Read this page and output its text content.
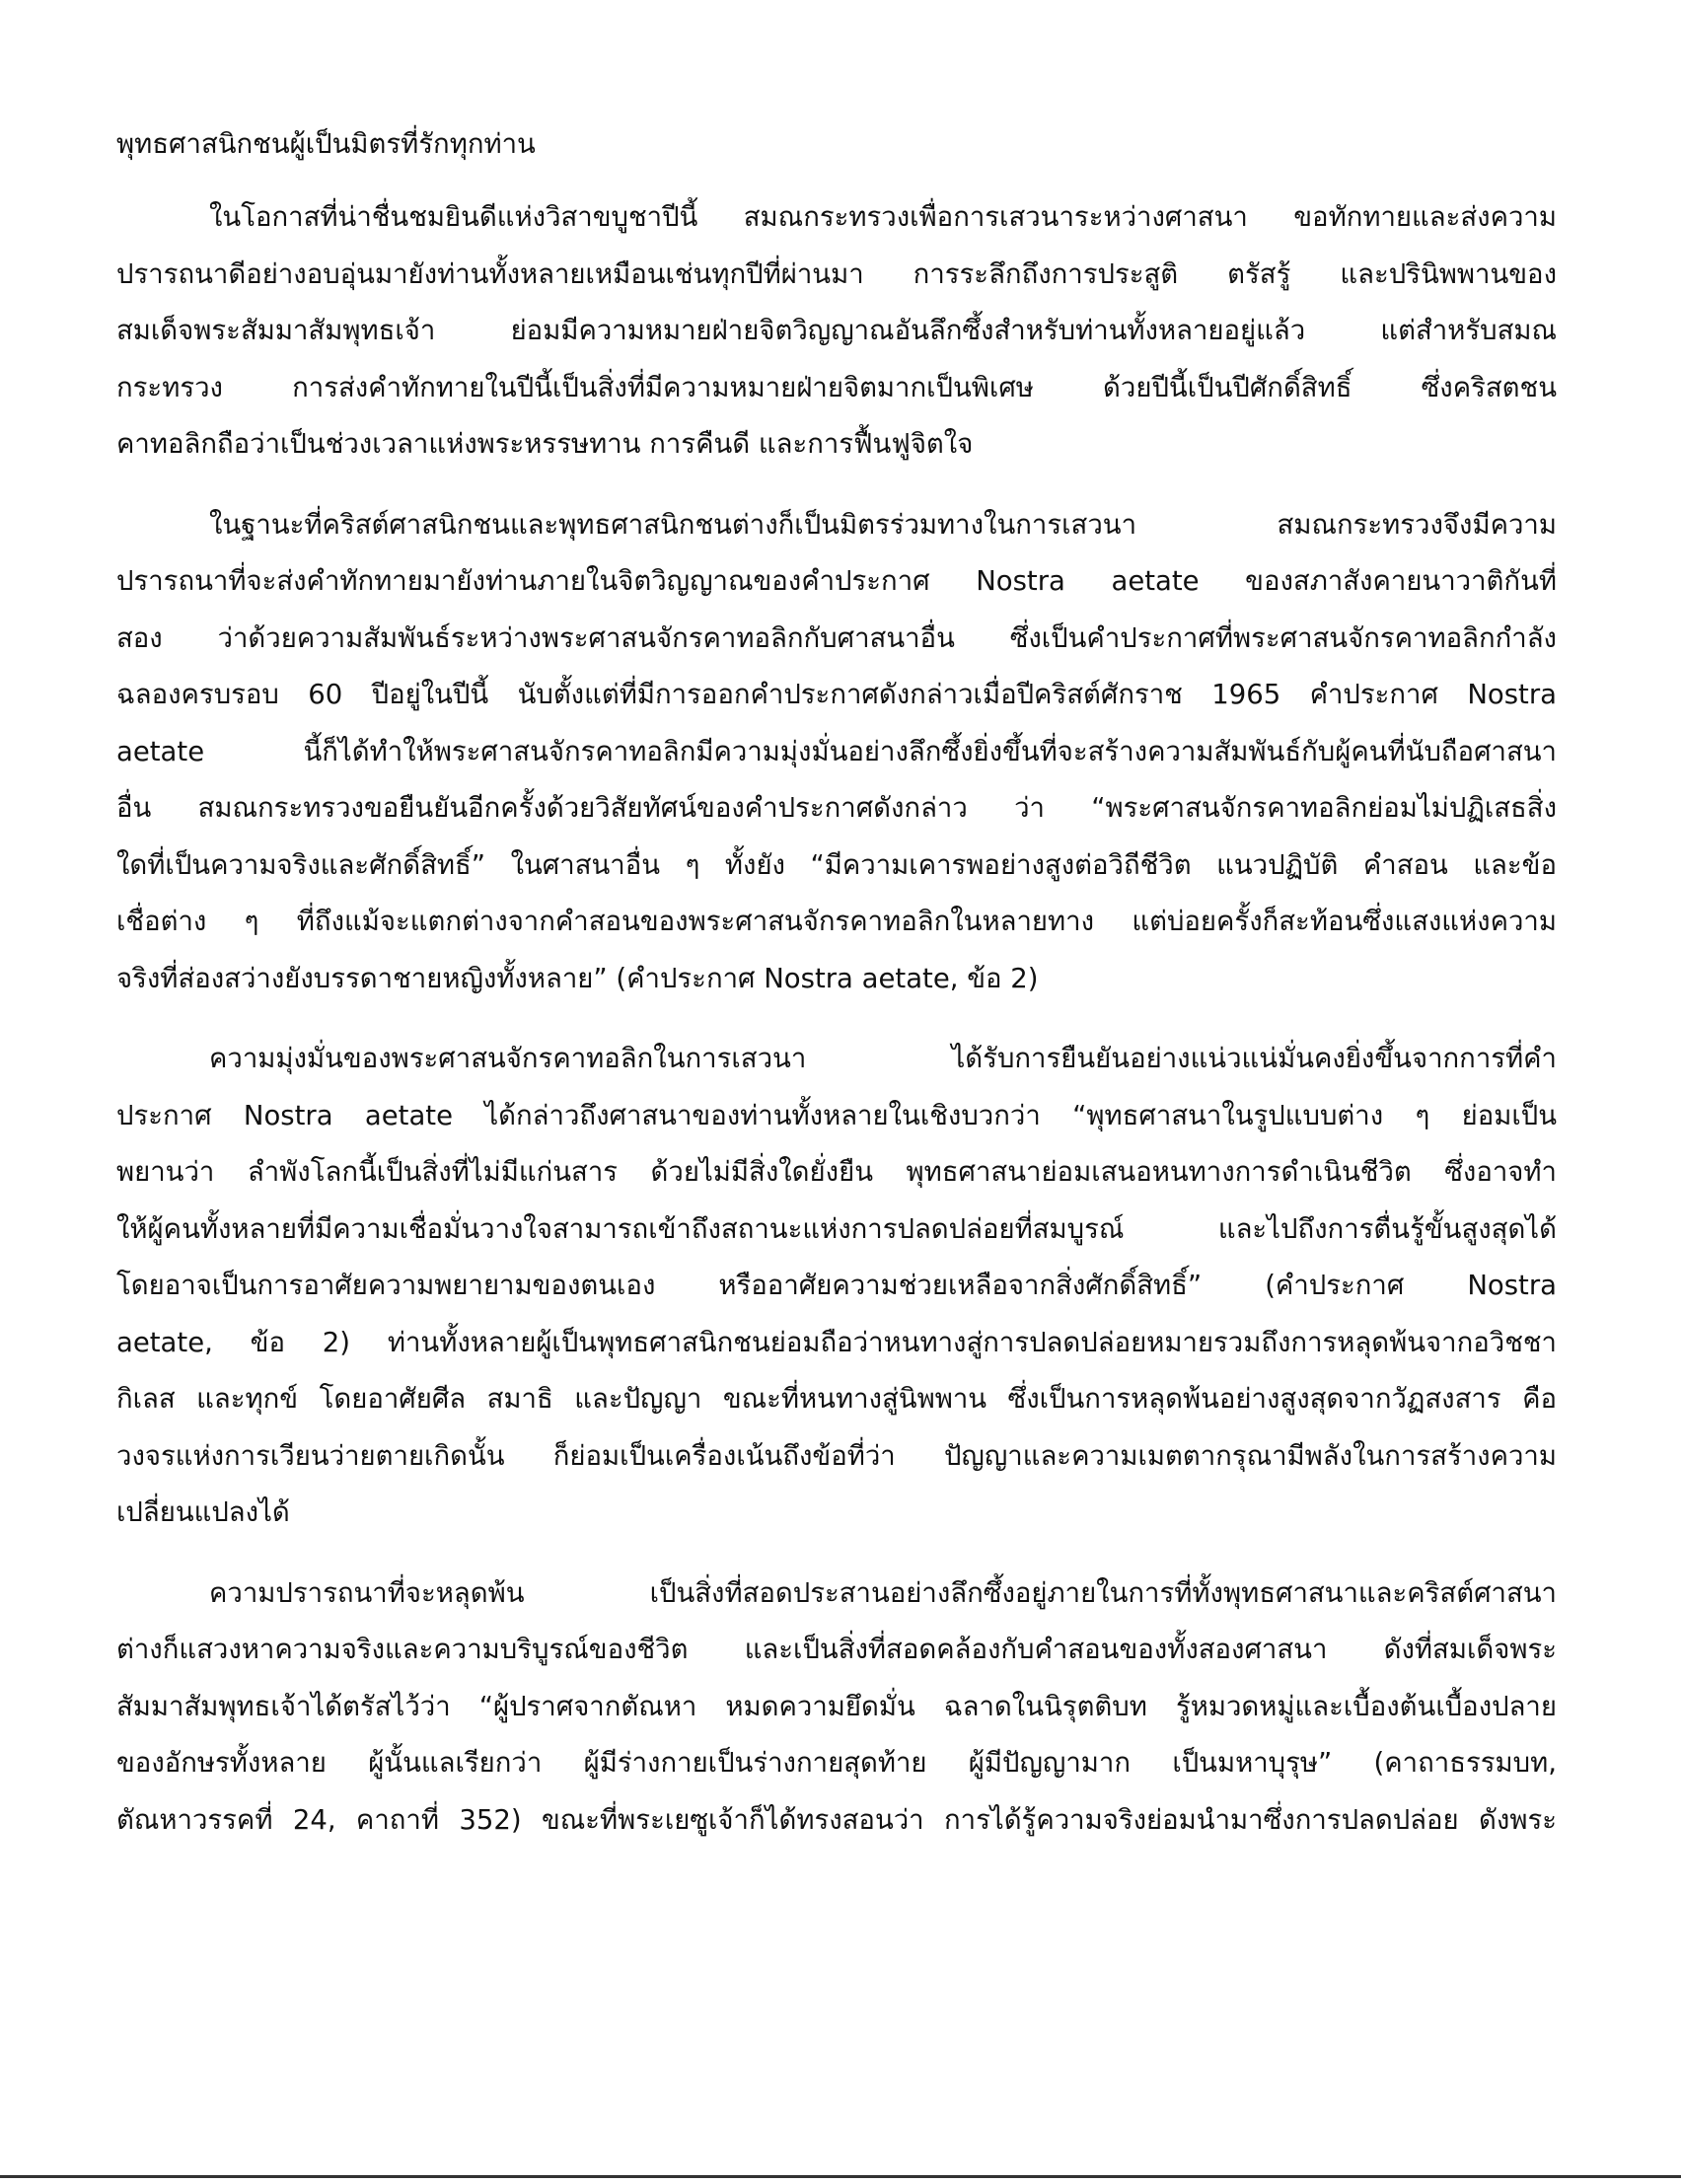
พุทธศาสนิกชนผู้เป็นมิตรที่รักทุกท่าน
ในโอกาสที่น่าชื่นชมยินดีแห่งวิสาขบูชาปีนี้ สมณกระทรวงเพื่อการเสวนาระหว่างศาสนา ขอทักทายและส่งความ
ปรารถนาดีอย่างอบอุ่นมายังท่านทั้งหลายเหมือนเช่นทุกปีที่ผ่านมา การระลึกถึงการประสูติ ตรัสรู้ และปรินิพพานของ
สมเด็จพระสัมมาสัมพุทธเจ้า ย่อมมีความหมายฝ่ายจิตวิญญาณอันลึกซึ้งสำหรับท่านทั้งหลายอยู่แล้ว แต่สำหรับสมณ
กระทรวง การส่งคำทักทายในปีนี้เป็นสิ่งที่มีความหมายฝ่ายจิตมากเป็นพิเศษ ด้วยปีนี้เป็นปีศักดิ์สิทธิ์ ซึ่งคริสตชน
คาทอลิกถือว่าเป็นช่วงเวลาแห่งพระหรรษทาน การคืนดี และการฟื้นฟูจิตใจ
ในฐานะที่คริสต์ศาสนิกชนและพุทธศาสนิกชนต่างก็เป็นมิตรร่วมทางในการเสวนา สมณกระทรวงจึงมีความ
ปรารถนาที่จะส่งคำทักทายมายังท่านภายในจิตวิญญาณของคำประกาศ Nostra aetate ของสภาสังคายนาวาติกันที่
สอง ว่าด้วยความสัมพันธ์ระหว่างพระศาสนจักรคาทอลิกกับศาสนาอื่น ซึ่งเป็นคำประกาศที่พระศาสนจักรคาทอลิกกำลัง
ฉลองครบรอบ 60 ปีอยู่ในปีนี้ นับตั้งแต่ที่มีการออกคำประกาศดังกล่าวเมื่อปีคริสต์ศักราช 1965 คำประกาศ Nostra
aetate นี้ก็ได้ทำให้พระศาสนจักรคาทอลิกมีความมุ่งมั่นอย่างลึกซึ้งยิ่งขึ้นที่จะสร้างความสัมพันธ์กับผู้คนที่นับถือศาสนา
อื่น สมณกระทรวงขอยืนยันอีกครั้งด้วยวิสัยทัศน์ของคำประกาศดังกล่าว ว่า “พระศาสนจักรคาทอลิกย่อมไม่ปฏิเสธสิ่ง
ใดที่เป็นความจริงและศักดิ์สิทธิ์” ในศาสนาอื่น ๆ ทั้งยัง “มีความเคารพอย่างสูงต่อวิถีชีวิต แนวปฏิบัติ คำสอน และข้อ
เชื่อต่าง ๆ ที่ถึงแม้จะแตกต่างจากคำสอนของพระศาสนจักรคาทอลิกในหลายทาง แต่บ่อยครั้งก็สะท้อนซึ่งแสงแห่งความ
จริงที่ส่องสว่างยังบรรดาชายหญิงทั้งหลาย” (คำประกาศ Nostra aetate, ข้อ 2)
ความมุ่งมั่นของพระศาสนจักรคาทอลิกในการเสวนา ได้รับการยืนยันอย่างแน่วแน่มั่นคงยิ่งขึ้นจากการที่คำ
ประกาศ Nostra aetate ได้กล่าวถึงศาสนาของท่านทั้งหลายในเชิงบวกว่า “พุทธศาสนาในรูปแบบต่าง ๆ ย่อมเป็น
พยานว่า ลำพังโลกนี้เป็นสิ่งที่ไม่มีแก่นสาร ด้วยไม่มีสิ่งใดยั่งยืน พุทธศาสนาย่อมเสนอหนทางการดำเนินชีวิต ซึ่งอาจทำ
ให้ผู้คนทั้งหลายที่มีความเชื่อมั่นวางใจสามารถเข้าถึงสถานะแห่งการปลดปล่อยที่สมบูรณ์ และไปถึงการตื่นรู้ขั้นสูงสุดได้
โดยอาจเป็นการอาศัยความพยายามของตนเอง หรืออาศัยความช่วยเหลือจากสิ่งศักดิ์สิทธิ์” (คำประกาศ Nostra
aetate, ข้อ 2) ท่านทั้งหลายผู้เป็นพุทธศาสนิกชนย่อมถือว่าหนทางสู่การปลดปล่อยหมายรวมถึงการหลุดพ้นจากอวิชชา
กิเลส และทุกข์ โดยอาศัยศีล สมาธิ และปัญญา ขณะที่หนทางสู่นิพพาน ซึ่งเป็นการหลุดพ้นอย่างสูงสุดจากวัฏสงสาร คือ
วงจรแห่งการเวียนว่ายตายเกิดนั้น ก็ย่อมเป็นเครื่องเน้นถึงข้อที่ว่า ปัญญาและความเมตตากรุณามีพลังในการสร้างความ
เปลี่ยนแปลงได้
ความปรารถนาที่จะหลุดพ้น เป็นสิ่งที่สอดประสานอย่างลึกซึ้งอยู่ภายในการที่ทั้งพุทธศาสนาและคริสต์ศาสนา
ต่างก็แสวงหาความจริงและความบริบูรณ์ของชีวิต และเป็นสิ่งที่สอดคล้องกับคำสอนของทั้งสองศาสนา ดังที่สมเด็จพระ
สัมมาสัมพุทธเจ้าได้ตรัสไว้ว่า “ผู้ปราศจากตัณหา หมดความยึดมั่น ฉลาดในนิรุตติบท รู้หมวดหมู่และเบื้องต้นเบื้องปลาย
ของอักษรทั้งหลาย ผู้นั้นแลเรียกว่า ผู้มีร่างกายเป็นร่างกายสุดท้าย ผู้มีปัญญามาก เป็นมหาบุรุษ” (คาถาธรรมบท,
ตัณหาวรรคที่ 24, คาถาที่ 352) ขณะที่พระเยซูเจ้าก็ได้ทรงสอนว่า การได้รู้ความจริงย่อมนำมาซึ่งการปลดปล่อย ดังพระ
